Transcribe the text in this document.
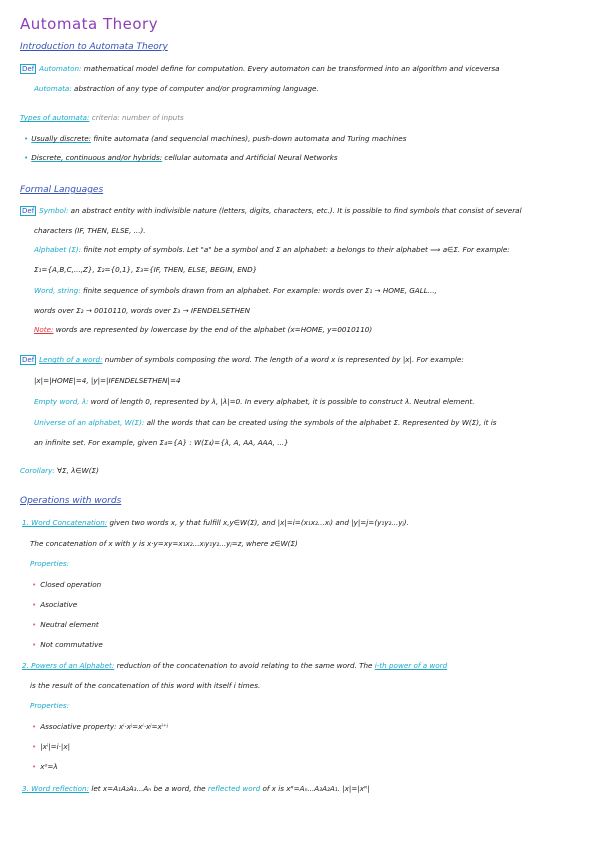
Automata Theory
Introduction to Automata Theory
Def Automaton: mathematical model define for computation. Every automaton can be transformed into an algorithm and viceversa
Automata: abstraction of any type of computer and/or programming language.
Types of automata: criteria: number of inputs
• Usually discrete: finite automata (and sequencial machines), push-down automata and Turing machines
• Discrete, continuous and/or hybrids: cellular automata and Artificial Neural Networks
Formal Languages
Def Symbol: an abstract entity with indivisible nature (letters, digits, characters, etc.). It is possible to find symbols that consist of several
characters (IF, THEN, ELSE, ...).
Alphabet (Σ): finite not empty of symbols. Let "a" be a symbol and Σ an alphabet: a belongs to their alphabet ⟹ a∈Σ. For example:
Σ₁={A,B,C,...,Z}, Σ₂={0,1}, Σ₃={IF, THEN, ELSE, BEGIN, END}
Word, string: finite sequence of symbols drawn from an alphabet. For example: words over Σ₁ → HOME, GALL...,
words over Σ₂ → 0010110, words over Σ₃ → IFENDELSETHEN
Note: words are represented by lowercase by the end of the alphabet (x=HOME, y=0010110)
Def Length of a word: number of symbols composing the word. The length of a word x is represented by |x|. For example:
|x|=|HOME|=4, |y|=|IFENDELSETHEN|=4
Empty word, λ: word of length 0, represented by λ, |λ|=0. In every alphabet, it is possible to construct λ. Neutral element.
Universe of an alphabet, W(Σ): all the words that can be created using the symbols of the alphabet Σ. Represented by W(Σ), it is
an infinite set. For example, given Σ₄={A} : W(Σ₄)={λ, A, AA, AAA, ...}
Corollary: ∀Σ, λ∈W(Σ)
Operations with words
1. Word Concatenation: given two words x, y that fulfill x,y∈W(Σ), and |x|=i=(x₁x₂...xᵢ) and |y|=j=(y₁y₂...yⱼ).
The concatenation of x with y is x·y=xy=x₁x₂...xᵢy₁y₂...yⱼ=z, where z∈W(Σ)
Properties:
• Closed operation
• Asociative
• Neutral element
• Not commutative
2. Powers of an Alphabet: reduction of the concatenation to avoid relating to the same word. The i-th power of a word
is the result of the concatenation of this word with itself i times.
Properties:
• Associative property: xⁱ·xʲ=xⁱ·xʲ=xⁱ⁺ʲ
• |xⁱ|=i·|x|
• x⁰=λ
3. Word reflection: let x=A₁A₂A₃...Aₙ be a word, the reflected word of x is xᴿ=Aₙ...A₃A₂A₁. |x|=|xᴿ|
